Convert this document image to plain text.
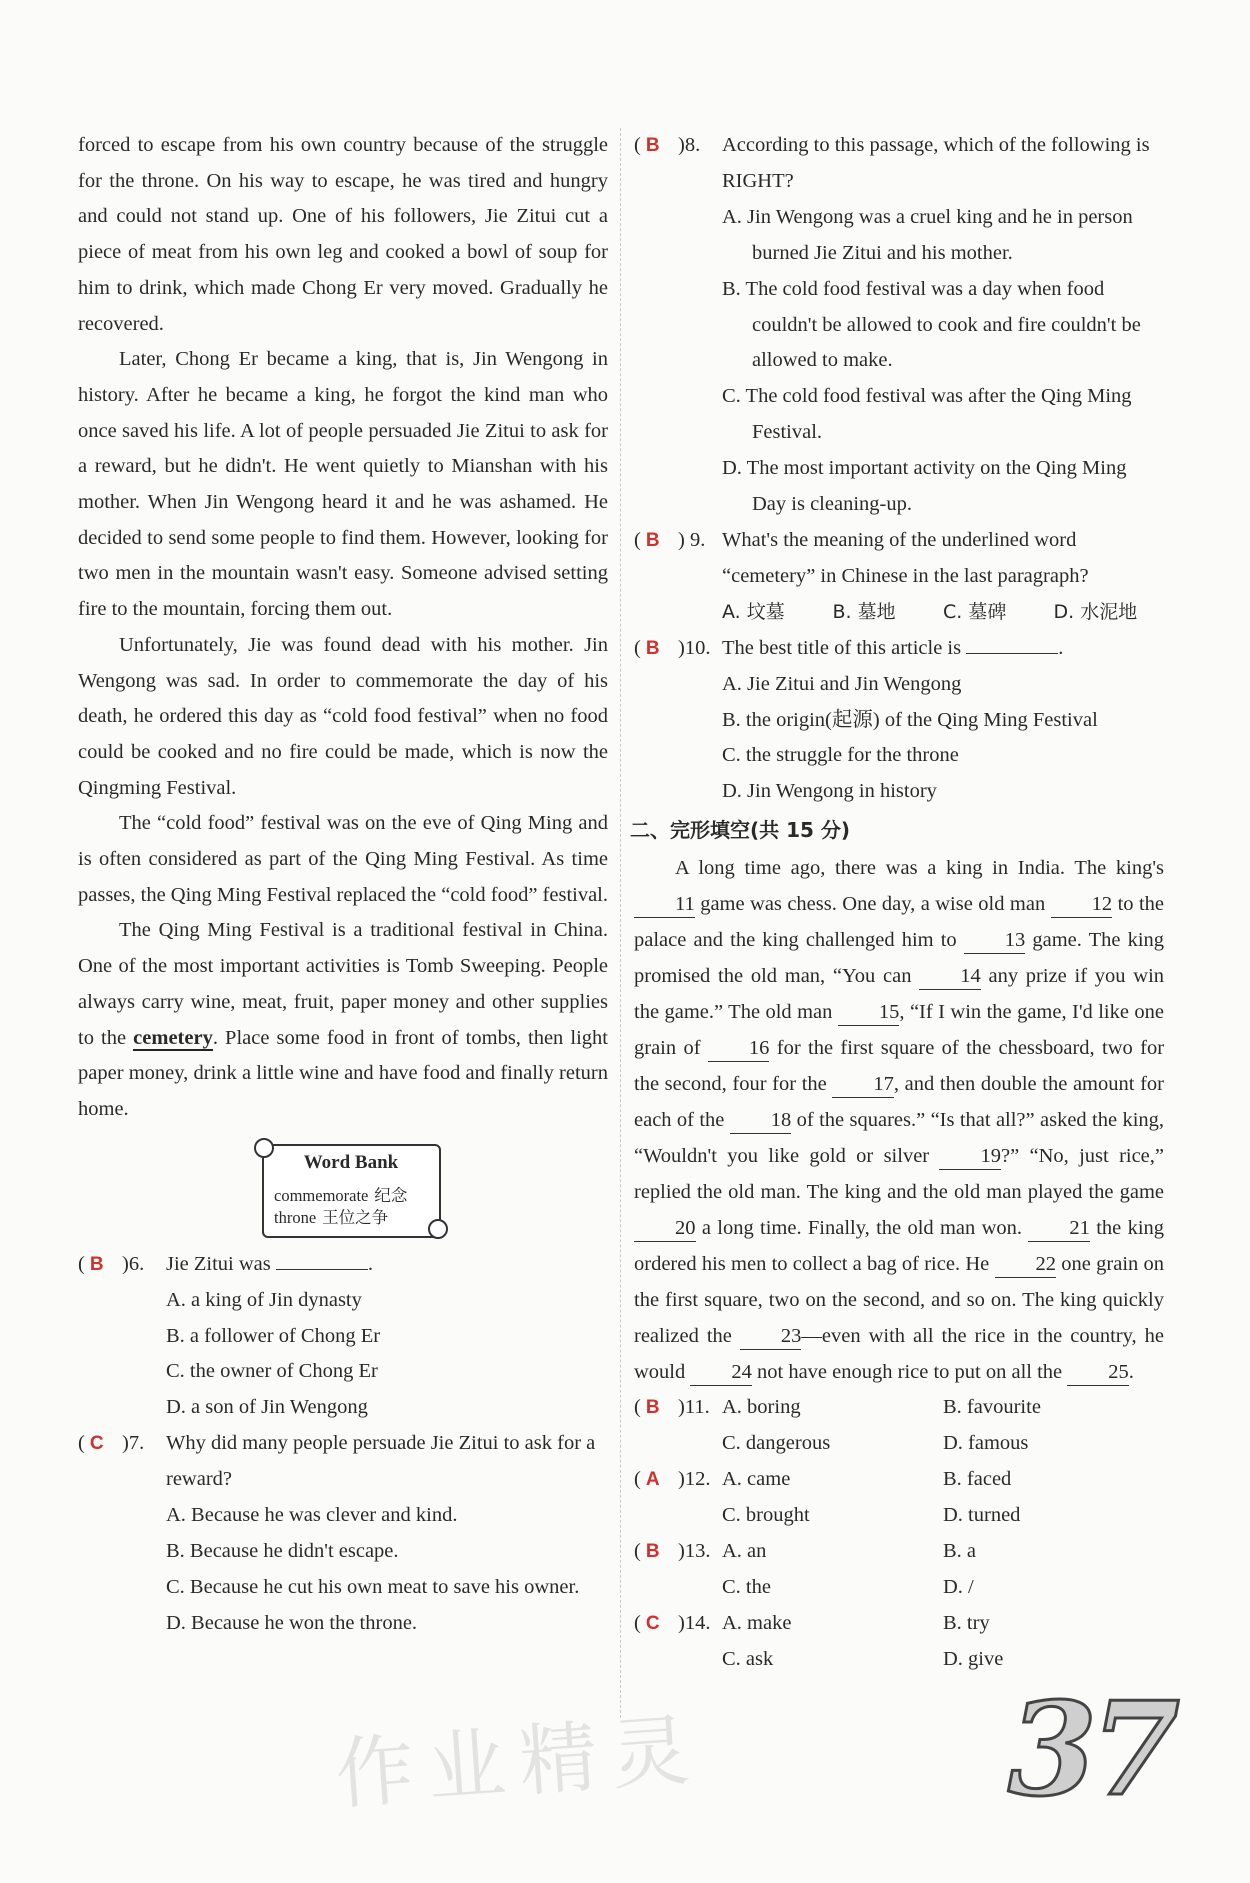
forced to escape from his own country because of the struggle for the throne. On his way to escape, he was tired and hungry and could not stand up. One of his followers, Jie Zitui cut a piece of meat from his own leg and cooked a bowl of soup for him to drink, which made Chong Er very moved. Gradually he recovered.

Later, Chong Er became a king, that is, Jin Wengong in history. After he became a king, he forgot the kind man who once saved his life. A lot of people persuaded Jie Zitui to ask for a reward, but he didn't. He went quietly to Mianshan with his mother. When Jin Wengong heard it and he was ashamed. He decided to send some people to find them. However, looking for two men in the mountain wasn't easy. Someone advised setting fire to the mountain, forcing them out.

Unfortunately, Jie was found dead with his mother. Jin Wengong was sad. In order to commemorate the day of his death, he ordered this day as “cold food festival” when no food could be cooked and no fire could be made, which is now the Qingming Festival.

The “cold food” festival was on the eve of Qing Ming and is often considered as part of the Qing Ming Festival. As time passes, the Qing Ming Festival replaced the “cold food” festival.

The Qing Ming Festival is a traditional festival in China. One of the most important activities is Tomb Sweeping. People always carry wine, meat, fruit, paper money and other supplies to the cemetery. Place some food in front of tombs, then light paper money, drink a little wine and have food and finally return home.

Word Bank
commemorate 纪念
throne 王位之争
( B )6. Jie Zitui was	.
A. a king of Jin dynasty
B. a follower of Chong Er
C. the owner of Chong Er
D. a son of Jin Wengong
( C )7. Why did many people persuade Jie Zitui to ask for a reward?
A. Because he was clever and kind.
B. Because he didn't escape.
C. Because he cut his own meat to save his owner.
D. Because he won the throne.
( B )8. According to this passage, which of the following is RIGHT?
A. Jin Wengong was a cruel king and he in person burned Jie Zitui and his mother.
B. The cold food festival was a day when food couldn't be allowed to cook and fire couldn't be allowed to make.
C. The cold food festival was after the Qing Ming Festival.
D. The most important activity on the Qing Ming Day is cleaning-up.
( B ) 9. What's the meaning of the underlined word “cemetery” in Chinese in the last paragraph?
A. 坟墓	B. 墓地	C. 墓碑	D. 水泥地
( B )10. The best title of this article is	.
A. Jie Zitui and Jin Wengong
B. the origin(起源) of the Qing Ming Festival
C. the struggle for the throne
D. Jin Wengong in history
二、完形填空(共 15 分)

A long time ago, there was a king in India. The king's 11 game was chess. One day, a wise old man 12 to the palace and the king challenged him to 13 game. The king promised the old man, “You can 14 any prize if you win the game.” The old man 15, “If I win the game, I'd like one grain of 16 for the first square of the chessboard, two for the second, four for the 17, and then double the amount for each of the 18 of the squares.” “Is that all?” asked the king, “Wouldn't you like gold or silver	19?” “No, just rice,” replied the old man. The king and the old man played the game 20 a long time. Finally, the old man won. 21 the king ordered his men to collect a bag of rice. He 22 one grain on the first square, two on the second, and so on. The king quickly realized the 23—even with all the rice in the country, he would 24 not have enough rice to put on all the 25.

( B )11. A. boring	B. favourite
C. dangerous	D. famous
( A )12. A. came	B. faced
C. brought	D. turned
( B )13. A. an	B. a
C. the	D. /
( C )14. A. make	B. try
C. ask	D. give
作业精灵 37
